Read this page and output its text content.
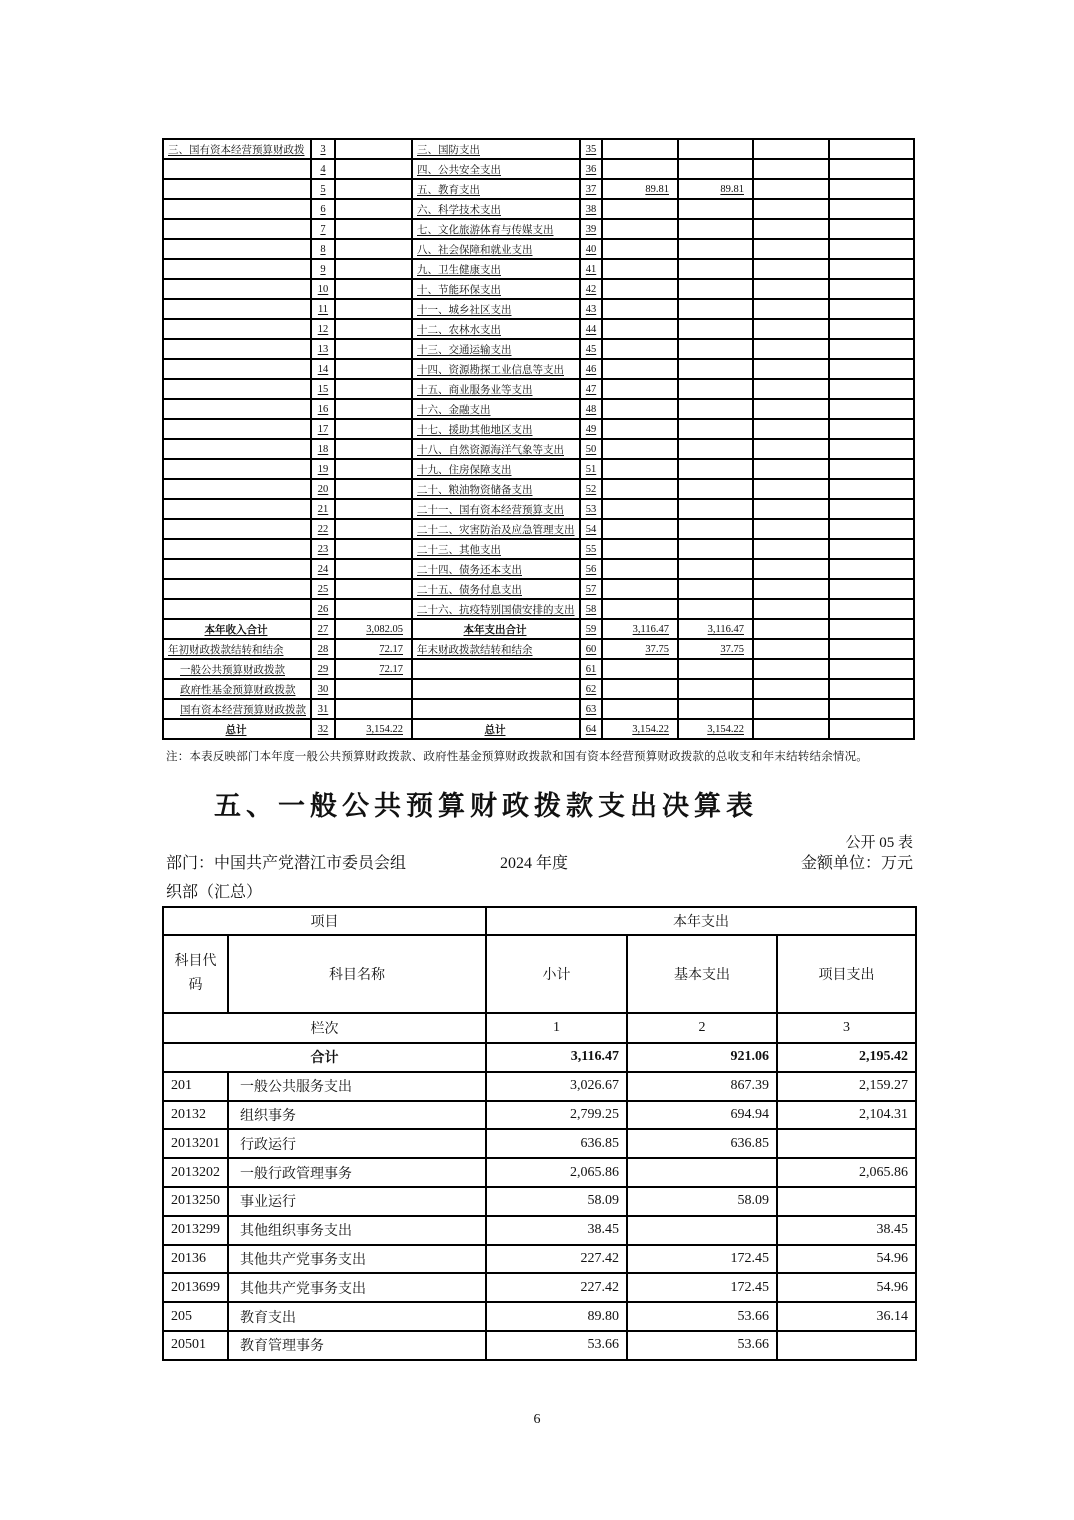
三、国有资本经营预算财政拨	3		三、国防支出	35				
	4		四、公共安全支出	36				
	5		五、教育支出	37	89.81	89.81		
	6		六、科学技术支出	38				
	7		七、文化旅游体育与传媒支出	39				
	8		八、社会保障和就业支出	40				
	9		九、卫生健康支出	41				
	10		十、节能环保支出	42				
	11		十一、城乡社区支出	43				
	12		十二、农林水支出	44				
	13		十三、交通运输支出	45				
	14		十四、资源勘探工业信息等支出	46				
	15		十五、商业服务业等支出	47				
	16		十六、金融支出	48				
	17		十七、援助其他地区支出	49				
	18		十八、自然资源海洋气象等支出	50				
	19		十九、住房保障支出	51				
	20		二十、粮油物资储备支出	52				
	21		二十一、国有资本经营预算支出	53				
	22		二十二、灾害防治及应急管理支出	54				
	23		二十三、其他支出	55				
	24		二十四、债务还本支出	56				
	25		二十五、债务付息支出	57				
	26		二十六、抗疫特别国债安排的支出	58				
本年收入合计	27	3,082.05	本年支出合计	59	3,116.47	3,116.47		
年初财政拨款结转和结余	28	72.17	年末财政拨款结转和结余	60	37.75	37.75		
一般公共预算财政拨款	29	72.17		61				
政府性基金预算财政拨款	30			62				
国有资本经营预算财政拨款	31			63				
总计	32	3,154.22	总计	64	3,154.22	3,154.22		
注：本表反映部门本年度一般公共预算财政拨款、政府性基金预算财政拨款和国有资本经营预算财政拨款的总收支和年末结转结余情况。
五、一般公共预算财政拨款支出决算表
公开 05 表
部门：中国共产党潜江市委员会组
织部（汇总）
2024 年度	金额单位：万元
项目		本年支出		
科目代码	科目名称	小计	基本支出	项目支出
栏次		1	2	3
合计		3,116.47	921.06	2,195.42
201	一般公共服务支出	3,026.67	867.39	2,159.27
20132	组织事务	2,799.25	694.94	2,104.31
2013201	行政运行	636.85	636.85	
2013202	一般行政管理事务	2,065.86		2,065.86
2013250	事业运行	58.09	58.09	
2013299	其他组织事务支出	38.45		38.45
20136	其他共产党事务支出	227.42	172.45	54.96
2013699	其他共产党事务支出	227.42	172.45	54.96
205	教育支出	89.80	53.66	36.14
20501	教育管理事务	53.66	53.66	
6
